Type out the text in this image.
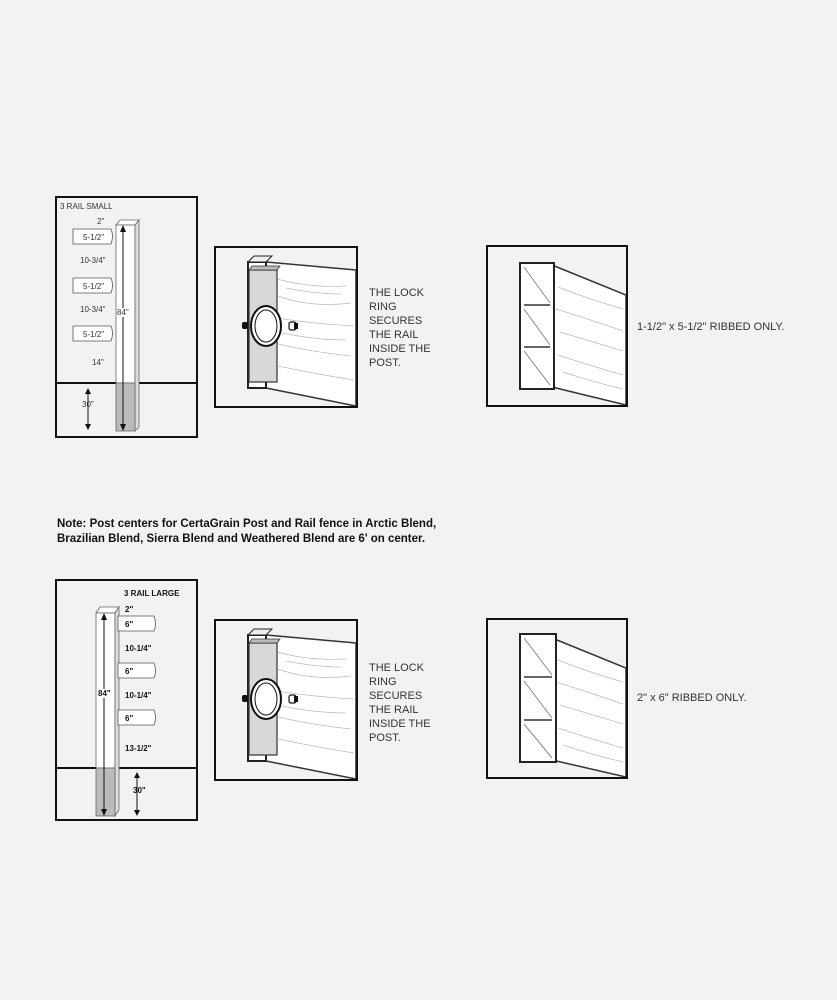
3 RAIL SMALL
2"
5-1/2"
10-3/4"
5-1/2"
10-3/4"
5-1/2"
14"
84"
30"
THE LOCK RING SECURES THE RAIL INSIDE THE POST.
1-1/2" x 5-1/2" RIBBED ONLY.
Note: Post centers for CertaGrain Post and Rail fence in Arctic Blend, Brazilian Blend, Sierra Blend and Weathered Blend are 6' on center.
3 RAIL LARGE
2"
6"
10-1/4"
6"
10-1/4"
6"
13-1/2"
84"
30"
THE LOCK RING SECURES THE RAIL INSIDE THE POST.
2" x 6" RIBBED ONLY.
